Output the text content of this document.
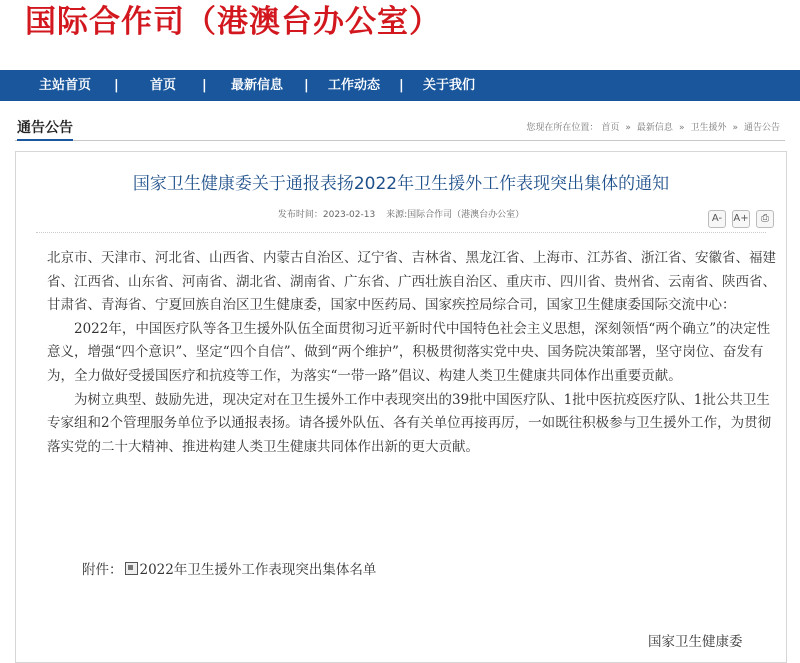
国际合作司（港澳台办公室）
主站首页 | 首页 | 最新信息 | 工作动态 | 关于我们
通告公告	您现在所在位置： 首页 » 最新信息 » 卫生援外 » 通告公告
国家卫生健康委关于通报表扬2022年卫生援外工作表现突出集体的通知
发布时间：2023-02-13 来源:国际合作司（港澳台办公室）	A- A+ ⎙

北京市、天津市、河北省、山西省、内蒙古自治区、辽宁省、吉林省、黑龙江省、上海市、江苏省、浙江省、安徽省、福建省、江西省、山东省、河南省、湖北省、湖南省、广东省、广西壮族自治区、重庆市、四川省、贵州省、云南省、陕西省、甘肃省、青海省、宁夏回族自治区卫生健康委，国家中医药局、国家疾控局综合司，国家卫生健康委国际交流中心：

2022年，中国医疗队等各卫生援外队伍全面贯彻习近平新时代中国特色社会主义思想，深刻领悟“两个确立”的决定性意义，增强“四个意识”、坚定“四个自信”、做到“两个维护”，积极贯彻落实党中央、国务院决策部署，坚守岗位、奋发有为，全力做好受援国医疗和抗疫等工作，为落实“一带一路”倡议、构建人类卫生健康共同体作出重要贡献。

为树立典型、鼓励先进，现决定对在卫生援外工作中表现突出的39批中国医疗队、1批中医抗疫医疗队、1批公共卫生专家组和2个管理服务单位予以通报表扬。请各援外队伍、各有关单位再接再厉，一如既往积极参与卫生援外工作，为贯彻落实党的二十大精神、推进构建人类卫生健康共同体作出新的更大贡献。

附件： 2022年卫生援外工作表现突出集体名单
国家卫生健康委
